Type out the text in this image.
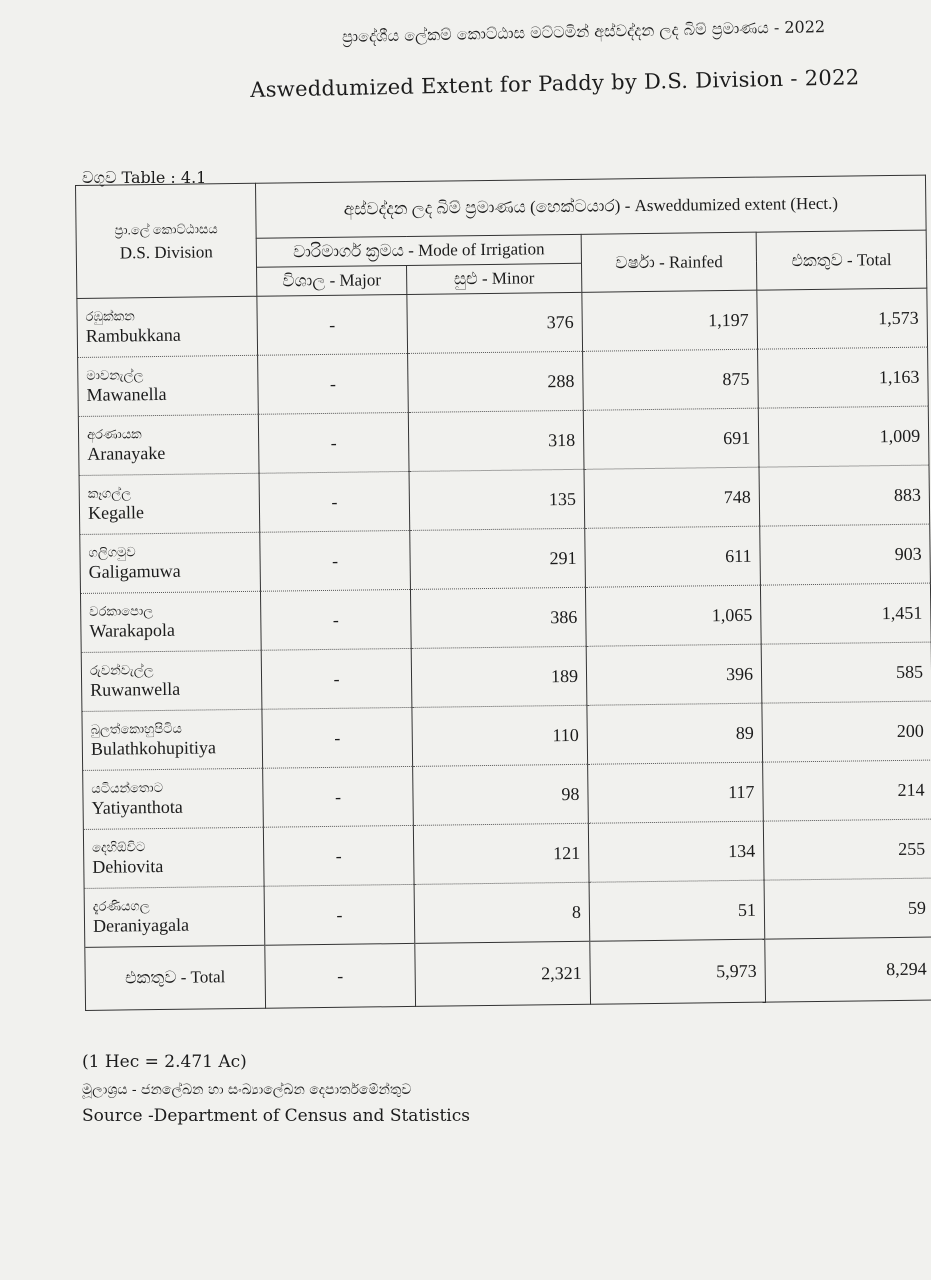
ප්‍රාදේශීය ලේකම් කොට්ඨාස මට්ටමින් අස්වද්දන ලද බිම් ප්‍රමාණය - 2022
Asweddumized Extent for Paddy by D.S. Division - 2022
වගුව Table : 4.1
ප්‍රා.ලේ කොට්ඨාසය
D.S. Division	අස්වද්දන ලද බිම් ප්‍රමාණය (හෙක්ටයාර) - Asweddumized extent (Hect.)			
	වාරිමාර්ග ක්‍රමය - Mode of Irrigation		වර්ෂා - Rainfed	එකතුව - Total
	විශාල - Major	සුළු - Minor		

රඹුක්කන
Rambukkana	-	376	1,197	1,573

මාවනැල්ල
Mawanella	-	288	875	1,163

අරණායක
Aranayake	-	318	691	1,009

කෑගල්ල
Kegalle	-	135	748	883

ගලිගමුව
Galigamuwa	-	291	611	903

වරකාපොල
Warakapola	-	386	1,065	1,451

රුවන්වැල්ල
Ruwanwella	-	189	396	585

බුලත්කොහුපිටිය
Bulathkohupitiya	-	110	89	200

යටියන්තොට
Yatiyanthota	-	98	117	214

දෙහිඕවිට
Dehiovita	-	121	134	255

දැරණියගල
Deraniyagala	-	8	51	59
එකතුව - Total	-	2,321	5,973	8,294
(1 Hec = 2.471 Ac)
මූලාශ්‍රය - ජනලේඛන හා සංඛ්‍යාලේඛන දෙපාර්තමේන්තුව
Source -Department of Census and Statistics
